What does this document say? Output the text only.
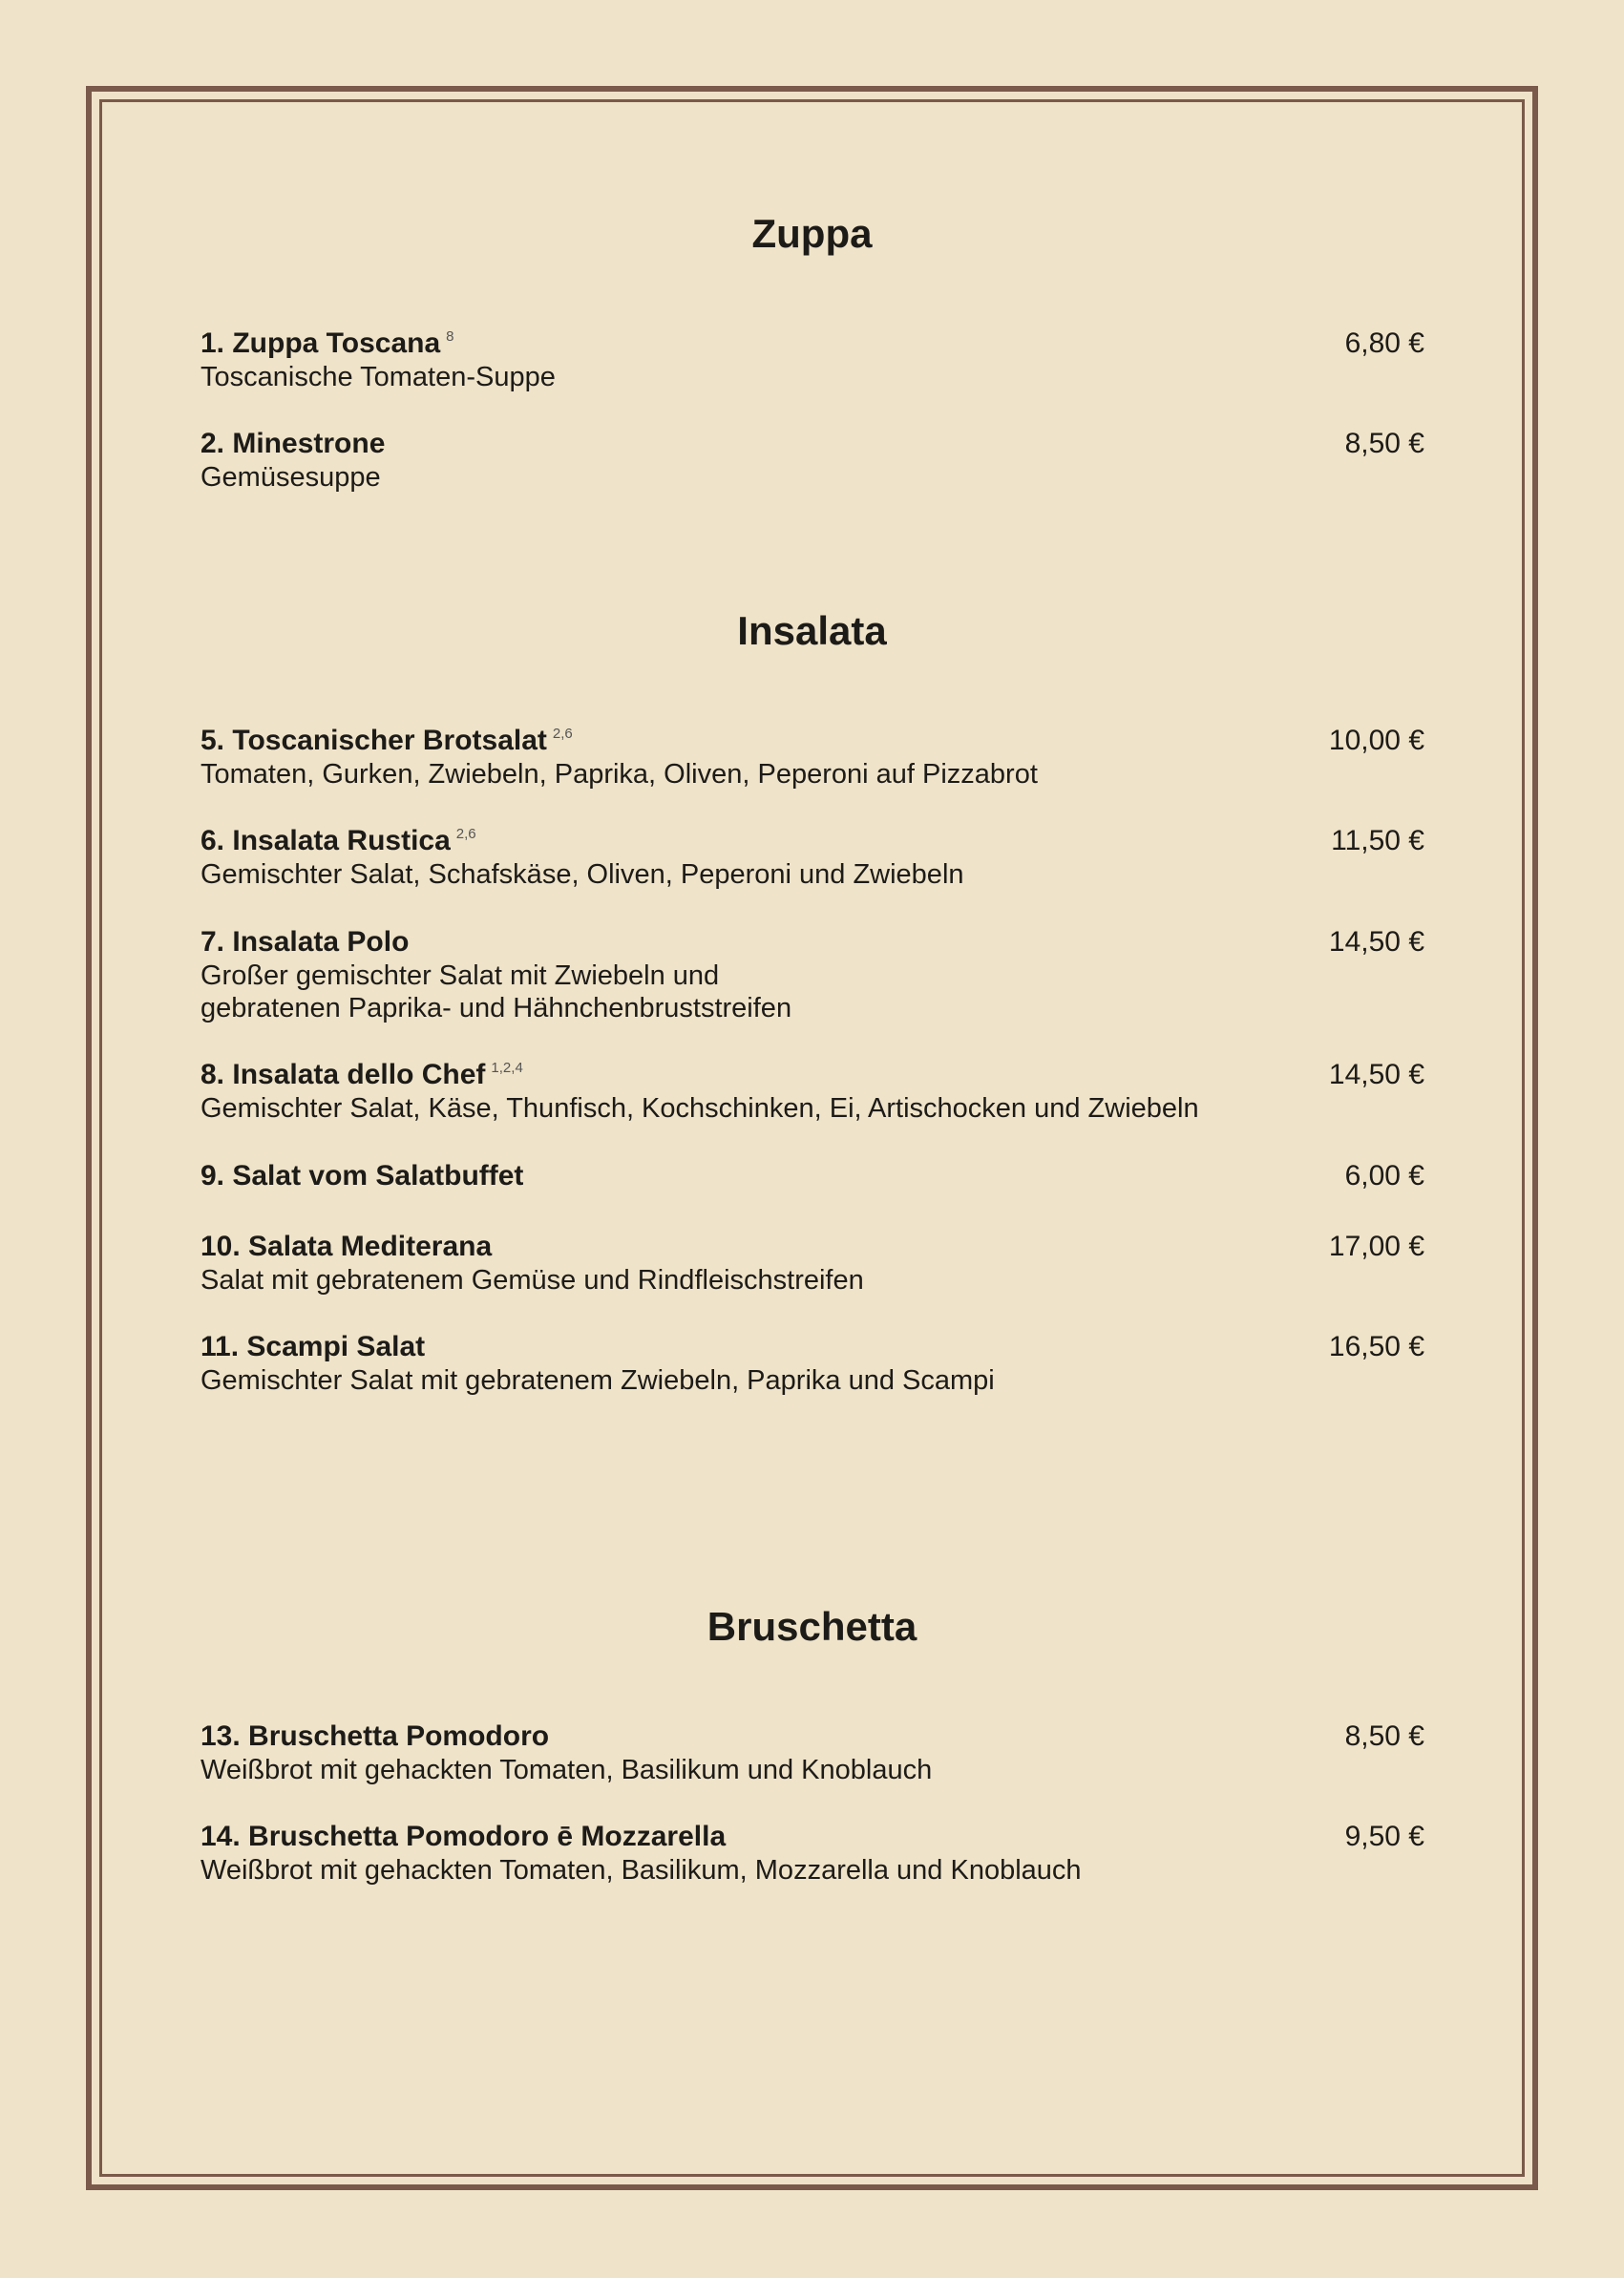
Zuppa
1. Zuppa Toscana 8	6,80 €
Toscanische Tomaten-Suppe
2. Minestrone	8,50 €
Gemüsesuppe
Insalata
5. Toscanischer Brotsalat 2,6	10,00 €
Tomaten, Gurken, Zwiebeln, Paprika, Oliven, Peperoni auf Pizzabrot
6. Insalata Rustica 2,6	11,50 €
Gemischter Salat, Schafskäse, Oliven, Peperoni und Zwiebeln
7. Insalata Polo	14,50 €
Großer gemischter Salat mit Zwiebeln und
gebratenen Paprika- und Hähnchenbruststreifen
8. Insalata dello Chef 1,2,4	14,50 €
Gemischter Salat, Käse, Thunfisch, Kochschinken, Ei, Artischocken und Zwiebeln
9. Salat vom Salatbuffet	6,00 €
10. Salata Mediterana	17,00 €
Salat mit gebratenem Gemüse und Rindfleischstreifen
11. Scampi Salat	16,50 €
Gemischter Salat mit gebratenem Zwiebeln, Paprika und Scampi
Bruschetta
13. Bruschetta Pomodoro	8,50 €
Weißbrot mit gehackten Tomaten, Basilikum und Knoblauch
14. Bruschetta Pomodoro ē Mozzarella	9,50 €
Weißbrot mit gehackten Tomaten, Basilikum, Mozzarella und Knoblauch
